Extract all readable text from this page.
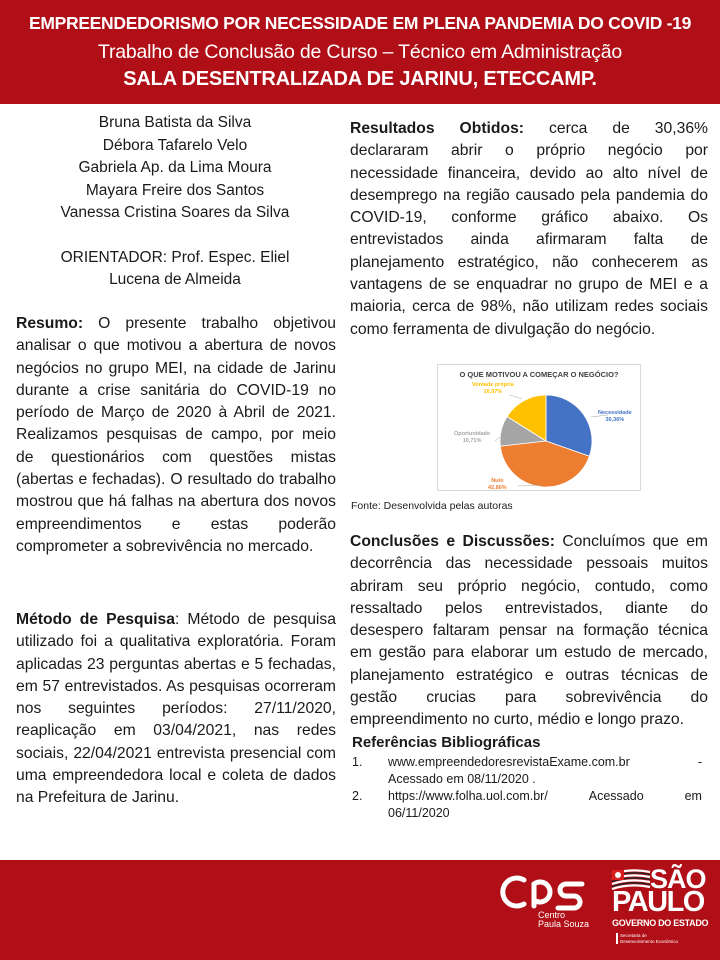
EMPREENDEDORISMO POR NECESSIDADE EM PLENA PANDEMIA DO COVID -19
Trabalho de Conclusão de Curso – Técnico em Administração
SALA DESENTRALIZADA DE JARINU, ETECCAMP.
Bruna Batista da Silva
Débora Tafarelo Velo
Gabriela Ap. da Lima Moura
Mayara Freire dos Santos
Vanessa Cristina Soares da Silva
ORIENTADOR: Prof. Espec. Eliel
Lucena de Almeida

Resumo: O presente trabalho objetivou analisar o que motivou a abertura de novos negócios no grupo MEI, na cidade de Jarinu durante a crise sanitária do COVID-19 no período de Março de 2020 à Abril de 2021. Realizamos pesquisas de campo, por meio de questionários com questões mistas (abertas e fechadas). O resultado do trabalho mostrou que há falhas na abertura dos novos empreendimentos e estas poderão comprometer a sobrevivência no mercado.

Método de Pesquisa: Método de pesquisa utilizado foi a qualitativa exploratória. Foram aplicadas 23 perguntas abertas e 5 fechadas, em 57 entrevistados. As pesquisas ocorreram nos seguintes períodos: 27/11/2020, reaplicação em 03/04/2021, nas redes sociais, 22/04/2021 entrevista presencial com uma empreendedora local e coleta de dados na Prefeitura de Jarinu.

Resultados Obtidos: cerca de 30,36% declararam abrir o próprio negócio por necessidade financeira, devido ao alto nível de desemprego na região causado pela pandemia do COVID-19, conforme gráfico abaixo. Os entrevistados ainda afirmaram falta de planejamento estratégico, não conhecerem as vantagens de se enquadrar no grupo de MEI e a maioria, cerca de 98%, não utilizam redes sociais como ferramenta de divulgação do negócio.

O QUE MOTIVOU A COMEÇAR O NEGÓCIO?
Necessidade
30,36%
Nulo
42,86%
Oportunidade
10,71%
Vontade própria
16,07%
Fonte: Desenvolvida pelas autoras

Conclusões e Discussões: Concluímos que em decorrência das necessidade pessoais muitos abriram seu próprio negócio, contudo, como ressaltado pelos entrevistados, diante do desespero faltaram pensar na formação técnica em gestão para elaborar um estudo de mercado, planejamento estratégico e outras técnicas de gestão crucias para sobrevivência do empreendimento no curto, médio e longo prazo.

Referências Bibliográficas
1. www.empreendedoresrevistaExame.com.br	-
Acessado em 08/11/2020 .
2. https://www.folha.uol.com.br/	Acessado	em
06/11/2020
Centro
Paula Souza
SÃO
PAULO
GOVERNO DO ESTADO
Secretaria de
Desenvolvimento Econômico
